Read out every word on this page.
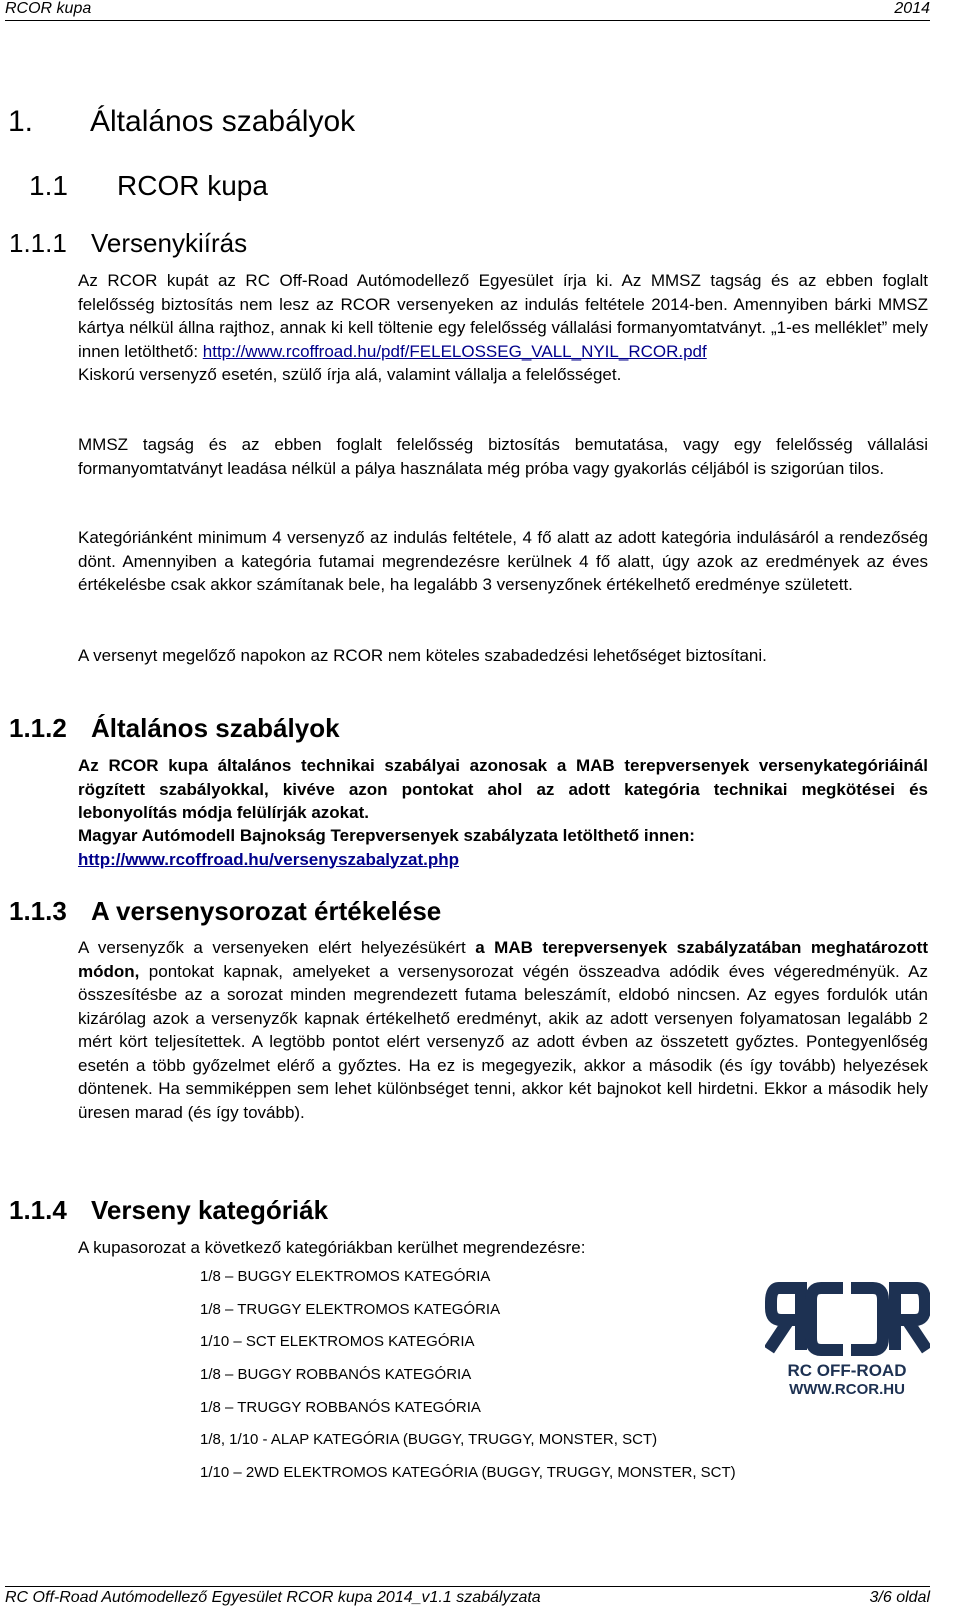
RCOR kupa	2014
1. Általános szabályok
1.1 RCOR kupa
1.1.1 Versenykiírás

Az RCOR kupát az RC Off-Road Autómodellező Egyesület írja ki. Az MMSZ tagság és az ebben foglalt felelősség biztosítás nem lesz az RCOR versenyeken az indulás feltétele 2014-ben. Amennyiben bárki MMSZ kártya nélkül állna rajthoz, annak ki kell töltenie egy felelősség vállalási formanyomtatványt. „1-es melléklet” mely innen letölthető: http://www.rcoffroad.hu/pdf/FELELOSSEG_VALL_NYIL_RCOR.pdf
Kiskorú versenyző esetén, szülő írja alá, valamint vállalja a felelősséget.

MMSZ tagság és az ebben foglalt felelősség biztosítás bemutatása, vagy egy felelősség vállalási formanyomtatványt leadása nélkül a pálya használata még próba vagy gyakorlás céljából is szigorúan tilos.

Kategóriánként minimum 4 versenyző az indulás feltétele, 4 fő alatt az adott kategória indulásáról a rendezőség dönt. Amennyiben a kategória futamai megrendezésre kerülnek 4 fő alatt, úgy azok az eredmények az éves értékelésbe csak akkor számítanak bele, ha legalább 3 versenyzőnek értékelhető eredménye született.

A versenyt megelőző napokon az RCOR nem köteles szabadedzési lehetőséget biztosítani.

1.1.2 Általános szabályok

Az RCOR kupa általános technikai szabályai azonosak a MAB terepversenyek versenykategóriáinál rögzített szabályokkal, kivéve azon pontokat ahol az adott kategória technikai megkötései és lebonyolítás módja felülírják azokat.

Magyar Autómodell Bajnokság Terepversenyek szabályzata letölthető innen:
http://www.rcoffroad.hu/versenyszabalyzat.php

1.1.3 A versenysorozat értékelése

A versenyzők a versenyeken elért helyezésükért a MAB terepversenyek szabályzatában meghatározott módon, pontokat kapnak, amelyeket a versenysorozat végén összeadva adódik éves végeredményük. Az összesítésbe az a sorozat minden megrendezett futama beleszámít, eldobó nincsen. Az egyes fordulók után kizárólag azok a versenyzők kapnak értékelhető eredményt, akik az adott versenyen folyamatosan legalább 2 mért kört teljesítettek. A legtöbb pontot elért versenyző az adott évben az összetett győztes. Pontegyenlőség esetén a több győzelmet elérő a győztes. Ha ez is megegyezik, akkor a második (és így tovább) helyezések döntenek. Ha semmiképpen sem lehet különbséget tenni, akkor két bajnokot kell hirdetni. Ekkor a második hely üresen marad (és így tovább).

1.1.4 Verseny kategóriák

A kupasorozat a következő kategóriákban kerülhet megrendezésre:

1/8 – BUGGY ELEKTROMOS KATEGÓRIA
1/8 – TRUGGY ELEKTROMOS KATEGÓRIA
1/10 – SCT ELEKTROMOS KATEGÓRIA
1/8 – BUGGY ROBBANÓS KATEGÓRIA
1/8 – TRUGGY ROBBANÓS KATEGÓRIA
1/8, 1/10 - ALAP KATEGÓRIA (BUGGY, TRUGGY, MONSTER, SCT)
1/10 – 2WD ELEKTROMOS KATEGÓRIA (BUGGY, TRUGGY, MONSTER, SCT)
RC OFF-ROAD
WWW.RCOR.HU
RC Off-Road Autómodellező Egyesület RCOR kupa 2014_v1.1 szabályzata	3/6 oldal
